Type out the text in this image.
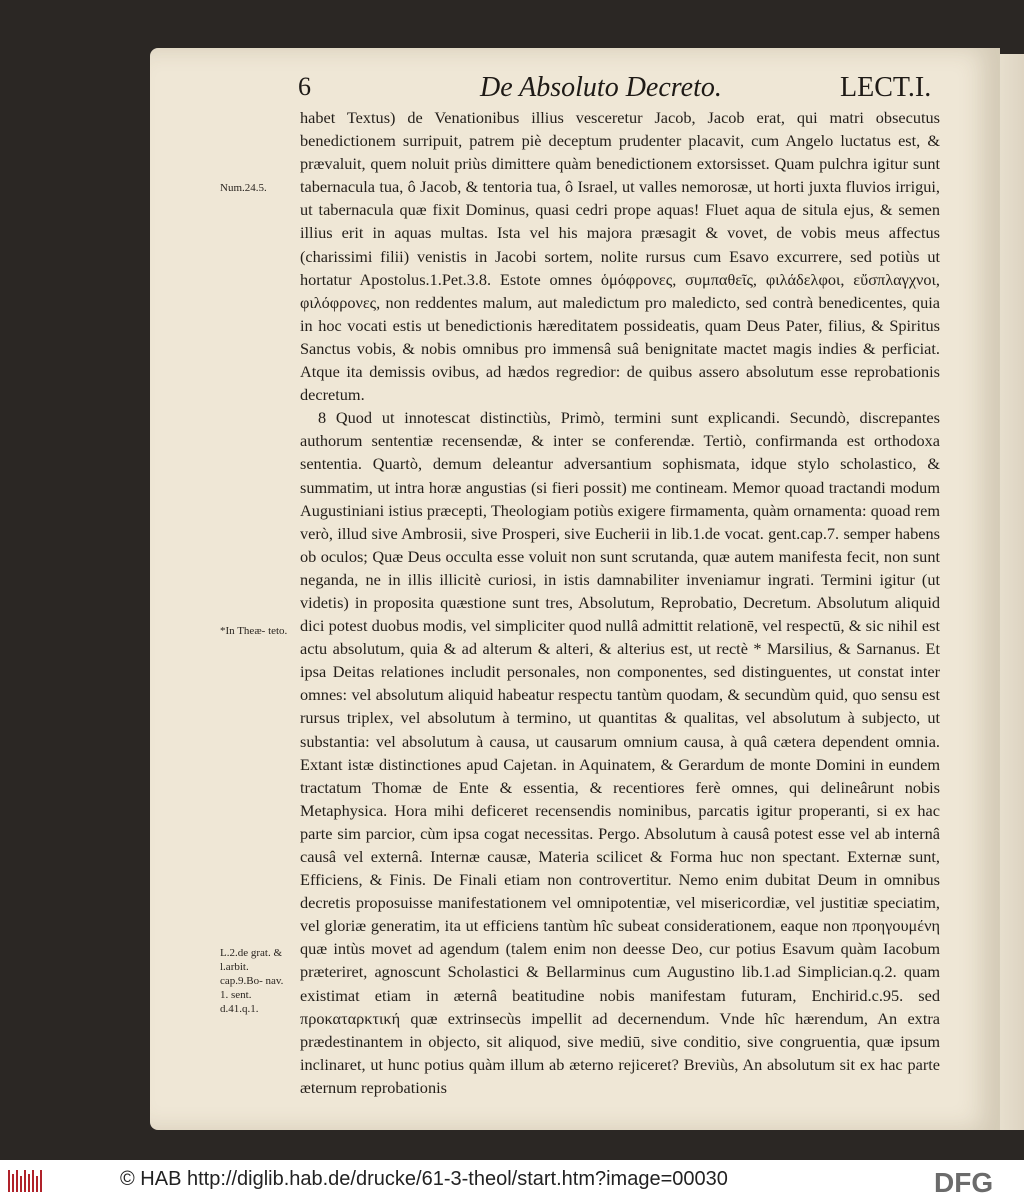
6	De Absoluto Decreto.	LECT.I.
Num.24.5.
*In Theæ- teto.
L.2.de grat. & l.arbit. cap.9.Bo- nav. 1. sent. d.41.q.1.

habet Textus) de Venationibus illius vesceretur Jacob, Jacob erat, qui matri obsecutus benedictionem surripuit, patrem piè deceptum prudenter placavit, cum Angelo luctatus est, & prævaluit, quem noluit priùs dimittere quàm benedictionem extorsisset. Quam pulchra igitur sunt tabernacula tua, ô Jacob, & tentoria tua, ô Israel, ut valles nemorosæ, ut horti juxta fluvios irrigui, ut tabernacula quæ fixit Dominus, quasi cedri prope aquas! Fluet aqua de situla ejus, & semen illius erit in aquas multas. Ista vel his majora præsagit & vovet, de vobis meus affectus (charissimi filii) venistis in Jacobi sortem, nolite rursus cum Esavo excurrere, sed potiùs ut hortatur Apostolus.1.Pet.3.8. Estote omnes ὁμόφρονες, συμπαθεῖς, φιλάδελφοι, εὔσπλαγχνοι, φιλόφρονες, non reddentes malum, aut maledictum pro maledicto, sed contrà benedicentes, quia in hoc vocati estis ut benedictionis hæreditatem possideatis, quam Deus Pater, filius, & Spiritus Sanctus vobis, & nobis omnibus pro immensâ suâ benignitate mactet magis indies & perficiat. Atque ita demissis ovibus, ad hædos regredior: de quibus assero absolutum esse reprobationis decretum.

8 Quod ut innotescat distinctiùs, Primò, termini sunt explicandi. Secundò, discrepantes authorum sententiæ recensendæ, & inter se conferendæ. Tertiò, confirmanda est orthodoxa sententia. Quartò, demum deleantur adversantium sophismata, idque stylo scholastico, & summatim, ut intra horæ angustias (si fieri possit) me contineam. Memor quoad tractandi modum Augustiniani istius præcepti, Theologiam potiùs exigere firmamenta, quàm ornamenta: quoad rem verò, illud sive Ambrosii, sive Prosperi, sive Eucherii in lib.1.de vocat. gent.cap.7. semper habens ob oculos; Quæ Deus occulta esse voluit non sunt scrutanda, quæ autem manifesta fecit, non sunt neganda, ne in illis illicitè curiosi, in istis damnabiliter inveniamur ingrati. Termini igitur (ut videtis) in proposita quæstione sunt tres, Absolutum, Reprobatio, Decretum. Absolutum aliquid dici potest duobus modis, vel simpliciter quod nullâ admittit relationē, vel respectū, & sic nihil est actu absolutum, quia & ad alterum & alteri, & alterius est, ut rectè * Marsilius, & Sarnanus. Et ipsa Deitas relationes includit personales, non componentes, sed distinguentes, ut constat inter omnes: vel absolutum aliquid habeatur respectu tantùm quodam, & secundùm quid, quo sensu est rursus triplex, vel absolutum à termino, ut quantitas & qualitas, vel absolutum à subjecto, ut substantia: vel absolutum à causa, ut causarum omnium causa, à quâ cætera dependent omnia. Extant istæ distinctiones apud Cajetan. in Aquinatem, & Gerardum de monte Domini in eundem tractatum Thomæ de Ente & essentia, & recentiores ferè omnes, qui delineârunt nobis Metaphysica. Hora mihi deficeret recensendis nominibus, parcatis igitur properanti, si ex hac parte sim parcior, cùm ipsa cogat necessitas. Pergo. Absolutum à causâ potest esse vel ab internâ causâ vel externâ. Internæ causæ, Materia scilicet & Forma huc non spectant. Externæ sunt, Efficiens, & Finis. De Finali etiam non controvertitur. Nemo enim dubitat Deum in omnibus decretis proposuisse manifestationem vel omnipotentiæ, vel misericordiæ, vel justitiæ speciatim, vel gloriæ generatim, ita ut efficiens tantùm hîc subeat considerationem, eaque non προηγουμένη quæ intùs movet ad agendum (talem enim non deesse Deo, cur potius Esavum quàm Iacobum præteriret, agnoscunt Scholastici & Bellarminus cum Augustino lib.1.ad Simplician.q.2. quam existimat etiam in æternâ beatitudine nobis manifestam futuram, Enchirid.c.95. sed προκαταρκτική quæ extrinsecùs impellit ad decernendum. Vnde hîc hærendum, An extra prædestinantem in objecto, sit aliquod, sive mediū, sive conditio, sive congruentia, quæ ipsum inclinaret, ut hunc potius quàm illum ab æterno rejiceret? Breviùs, An absolutum sit ex hac parte æternum reprobationis

© HAB http://diglib.hab.de/drucke/61-3-theol/start.htm?image=00030	DFG
